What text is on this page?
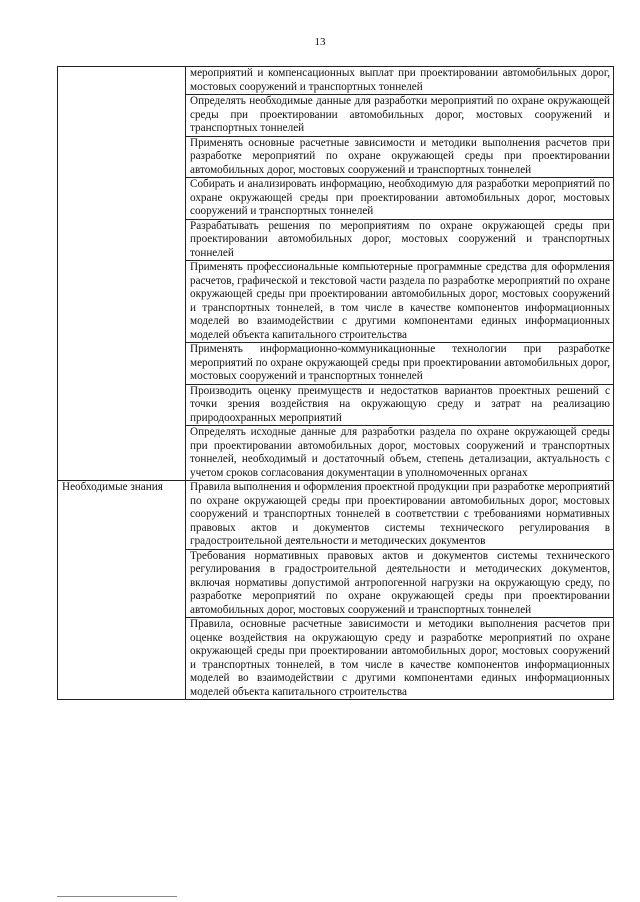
13
	мероприятий и компенсационных выплат при проектировании автомобильных дорог, мостовых сооружений и транспортных тоннелей
	Определять необходимые данные для разработки мероприятий по охране окружающей среды при проектировании автомобильных дорог, мостовых сооружений и транспортных тоннелей
	Применять основные расчетные зависимости и методики выполнения расчетов при разработке мероприятий по охране окружающей среды при проектировании автомобильных дорог, мостовых сооружений и транспортных тоннелей
	Собирать и анализировать информацию, необходимую для разработки мероприятий по охране окружающей среды при проектировании автомобильных дорог, мостовых сооружений и транспортных тоннелей
	Разрабатывать решения по мероприятиям по охране окружающей среды при проектировании автомобильных дорог, мостовых сооружений и транспортных тоннелей
	Применять профессиональные компьютерные программные средства для оформления расчетов, графической и текстовой части раздела по разработке мероприятий по охране окружающей среды при проектировании автомобильных дорог, мостовых сооружений и транспортных тоннелей, в том числе в качестве компонентов информационных моделей во взаимодействии с другими компонентами единых информационных моделей объекта капитального строительства
	Применять информационно-коммуникационные технологии при разработке мероприятий по охране окружающей среды при проектировании автомобильных дорог, мостовых сооружений и транспортных тоннелей
	Производить оценку преимуществ и недостатков вариантов проектных решений с точки зрения воздействия на окружающую среду и затрат на реализацию природоохранных мероприятий
	Определять исходные данные для разработки раздела по охране окружающей среды при проектировании автомобильных дорог, мостовых сооружений и транспортных тоннелей, необходимый и достаточный объем, степень детализации, актуальность с учетом сроков согласования документации в уполномоченных органах
Необходимые знания	Правила выполнения и оформления проектной продукции при разработке мероприятий по охране окружающей среды при проектировании автомобильных дорог, мостовых сооружений и транспортных тоннелей в соответствии с требованиями нормативных правовых актов и документов системы технического регулирования в градостроительной деятельности и методических документов
	Требования нормативных правовых актов и документов системы технического регулирования в градостроительной деятельности и методических документов, включая нормативы допустимой антропогенной нагрузки на окружающую среду, по разработке мероприятий по охране окружающей среды при проектировании автомобильных дорог, мостовых сооружений и транспортных тоннелей
	Правила, основные расчетные зависимости и методики выполнения расчетов при оценке воздействия на окружающую среду и разработке мероприятий по охране окружающей среды при проектировании автомобильных дорог, мостовых сооружений и транспортных тоннелей, в том числе в качестве компонентов информационных моделей во взаимодействии с другими компонентами единых информационных моделей объекта капитального строительства
